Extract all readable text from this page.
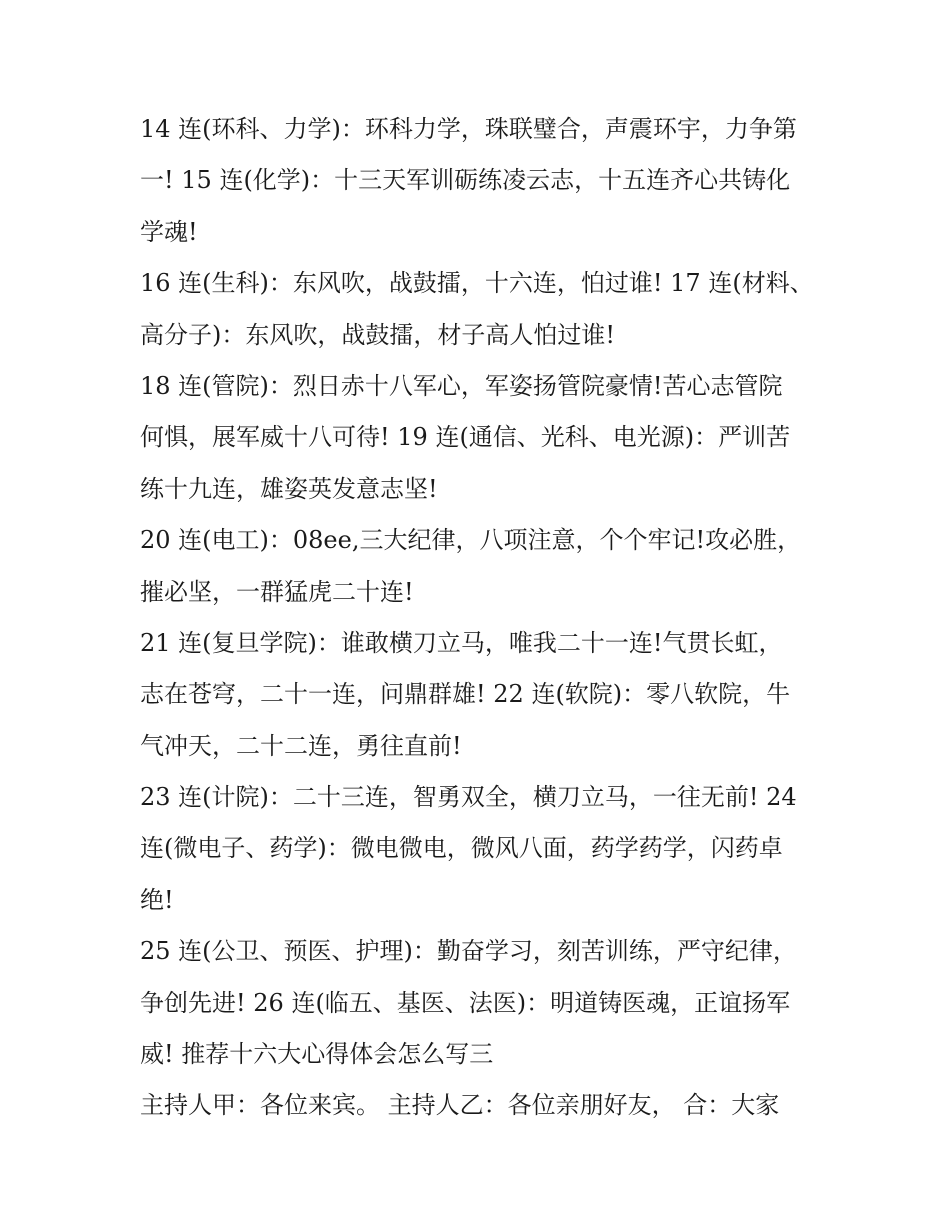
14 连(环科、力学)：环科力学，珠联璧合，声震环宇，力争第
一! 15 连(化学)：十三天军训砺练凌云志，十五连齐心共铸化
学魂!
16 连(生科)：东风吹，战鼓擂，十六连，怕过谁! 17 连(材料、
高分子)：东风吹，战鼓擂，材子高人怕过谁!
18 连(管院)：烈日赤十八军心，军姿扬管院豪情!苦心志管院
何惧，展军威十八可待! 19 连(通信、光科、电光源)：严训苦
练十九连，雄姿英发意志坚!
20 连(电工)：08ee,三大纪律，八项注意，个个牢记!攻必胜，
摧必坚，一群猛虎二十连!
21 连(复旦学院)：谁敢横刀立马，唯我二十一连!气贯长虹，
志在苍穹，二十一连，问鼎群雄! 22 连(软院)：零八软院，牛
气冲天，二十二连，勇往直前!
23 连(计院)：二十三连，智勇双全，横刀立马，一往无前! 24
连(微电子、药学)：微电微电，微风八面，药学药学，闪药卓
绝!
25 连(公卫、预医、护理)：勤奋学习，刻苦训练，严守纪律，
争创先进! 26 连(临五、基医、法医)：明道铸医魂，正谊扬军
威! 推荐十六大心得体会怎么写三
主持人甲：各位来宾。 主持人乙：各位亲朋好友， 合：大家
